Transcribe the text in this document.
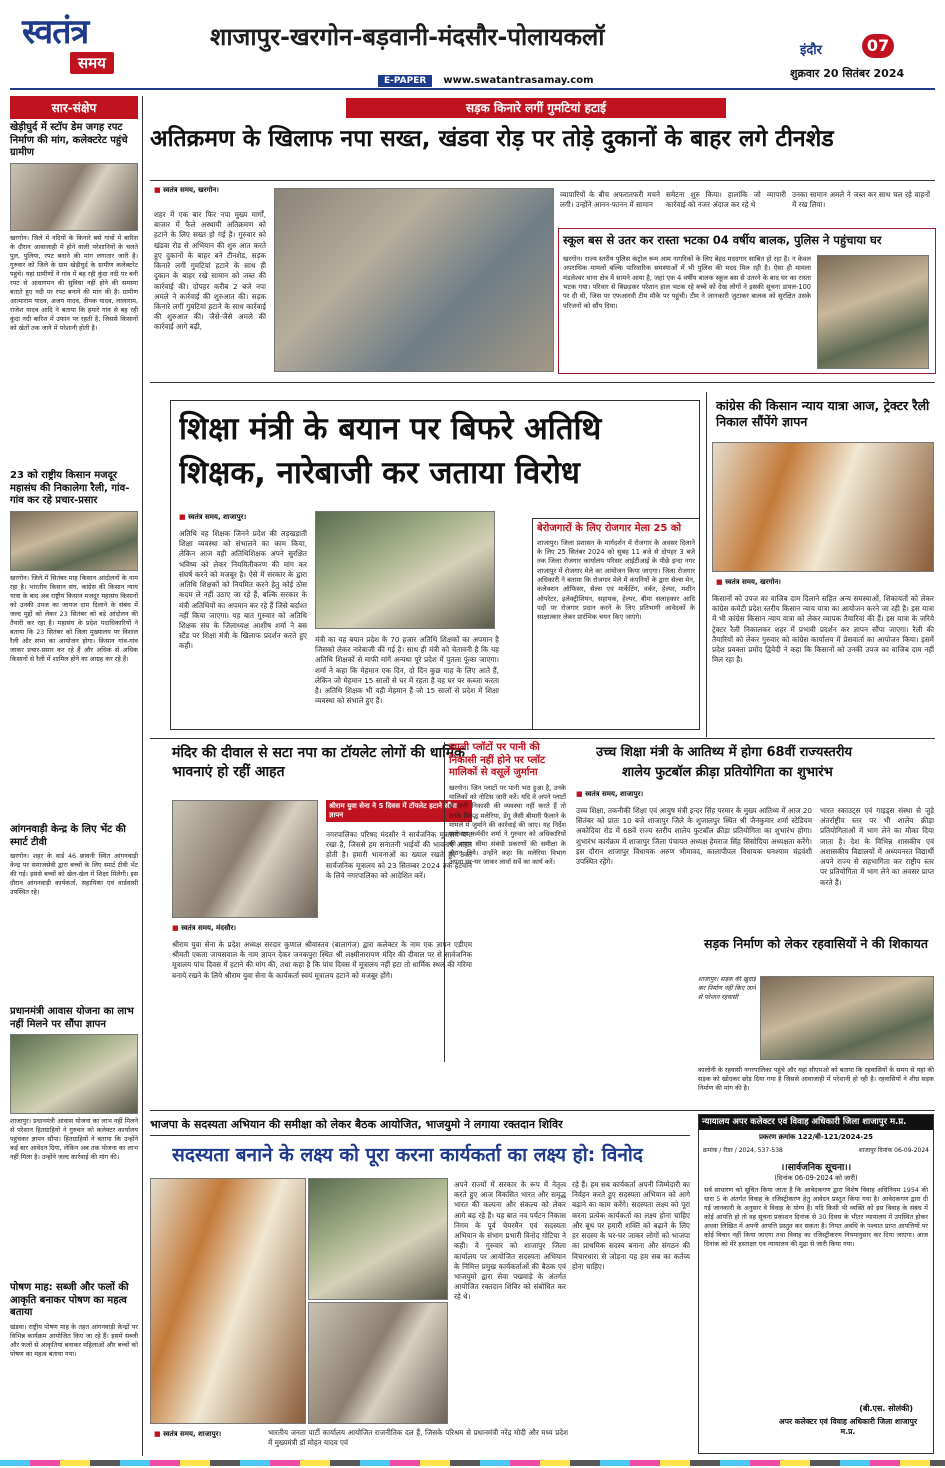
स्वतंत्र
समय
शाजापुर-खरगोन-बड़वानी-मंदसौर-पोलायकलॉ
E-PAPER www.swatantrasamay.com
इंदौर	07
शुक्रवार 20 सितंबर 2024
सार-संक्षेप
खेड़ीघुर्द में स्टॉप डेम जगह रपट निर्माण की मांग, कलेक्टरेट पहुंचे ग्रामीण
खरगोन। जिले में नदियों के किनारे बसे गांवों में बारिश के दौरान आवाजाही में होने वाली परेशानियों के चलते पुल, पुलिया, रपट बनाने की मांग लगातार जारी है। गुरुवार को जिले के ग्राम खेड़ीघुर्द के ग्रामीण कलेक्टरेट पहुंचे। यहां ग्रामीणों ने गांव में बह रही कुंदा नदी पर बनी रपट से आवागमन की सुविधा नहीं होने की समस्या बताते हुए नदी पर रपट बनाने की मांग की है। ग्रामीण आत्माराम यादव, अजय यादव, दीपक यादव, लालाराम, राजेश यादव आदि ने बताया कि हमारे गांव से बह रही कुंदा नदी बारिश में उफान पर रहती है, जिससे किसानों को खेतों तक जाने में परेशानी होती है।
23 को राष्ट्रीय किसान मजदूर महासंघ की निकालेगा रैली, गांव-गांव कर रहे प्रचार-प्रसार
खरगोन। जिले में सितंबर माह किसान आंदोलनों के नाम रहा है। भारतीय किसान संघ, कांग्रेस की किसान न्याय यात्रा के बाद अब राष्ट्रीय किसान मजदूर महासंघ किसानों को उनकी उपज का जायज दाम दिलाने के संबंध में जल्द मुद्दों को लेकर 23 सितंबर को बड़े आंदोलन की तैयारी कर रहा है। महासंघ के प्रदेश पदाधिकारियों ने बताया कि 23 सितंबर को जिला मुख्यालय पर विशाल रैली और सभा का आयोजन होगा। किसान गांव-गांव जाकर प्रचार-प्रसार कर रहे हैं और अधिक से अधिक किसानों से रैली में शामिल होने का आग्रह कर रहे हैं।
आंगनवाड़ी केन्द्र के लिए भेंट की स्मार्ट टीवी
खरगोन। शहर के वार्ड 46 छावनी स्थित आंगनवाड़ी केन्द्र पर समाजसेवी द्वारा बच्चों के लिए स्मार्ट टीवी भेंट की गई। इससे बच्चों को खेल-खेल में शिक्षा मिलेगी। इस दौरान आंगनवाड़ी कार्यकर्ता, सहायिका एवं वार्डवासी उपस्थित रहे।
प्रधानमंत्री आवास योजना का लाभ नहीं मिलने पर सौंपा ज्ञापन
शाजापुर। प्रधानमंत्री आवास योजना का लाभ नहीं मिलने से परेशान हितग्राहियों ने गुरुवार को कलेक्टर कार्यालय पहुंचकर ज्ञापन सौंपा। हितग्राहियों ने बताया कि उन्होंने कई बार आवेदन दिया, लेकिन अब तक योजना का लाभ नहीं मिला है। उन्होंने जल्द कार्रवाई की मांग की।
पोषण माह: सब्जी और फलों की आकृति बनाकर पोषण का महत्व बताया
खंडवा। राष्ट्रीय पोषण माह के तहत आंगनवाड़ी केन्द्रों पर विभिन्न कार्यक्रम आयोजित किए जा रहे हैं। इसमें सब्जी और फलों से आकृतियां बनाकर महिलाओं और बच्चों को पोषण का महत्व बताया गया।
सड़क किनारे लगीं गुमटियां हटाई
अतिक्रमण के खिलाफ नपा सख्त, खंडवा रोड़ पर तोड़े दुकानों के बाहर लगे टीनशेड
■ स्वतंत्र समय, खरगोन।
शहर में एक बार फिर नपा मुख्य मार्गों, बाजार में फैले अस्थायी अतिक्रमण को हटाने के लिए सख्त हो गई है। गुरुवार को खंडवा रोड से अभियान की शुरु आत करते हुए दुकानों के बाहर बने टीनशेड, सड़क किनारे लगीं गुमटियां हटाने के साथ ही दुकान के बाहर रखे सामान को जब्त की कार्रवाई की। दोपहर करीब 2 बजे नपा अमले ने कार्रवाई की शुरुआत की। सड़क किनारे लगीं गुमटियां हटाने के साथ कार्रवाई की शुरुआत की। जैसे-जैसे अमले की कार्रवाई आगे बढ़ी,
व्यापारियों के बीच अफरातफरी मचने लगी। उन्होंने आनन-फानन में सामान
समेटना शुरु किया। हालांकि जो व्यापारी कार्रवाई को नजर अंदाज कर रहे थे
उनका सामान अमले ने जब्त कर साथ चल रहे वाहनों में रख लिया।
स्कूल बस से उतर कर रास्ता भटका 04 वर्षीय बालक, पुलिस ने पहुंचाया घर
खरगोन। राज्य स्तरीय पुलिस कंट्रोल रूम आम नागरिकों के लिए बेहद मददगार साबित हो रहा है। न केवल अपराधिक मामलों बल्कि पारिवारिक समस्याओं में भी पुलिस की मदद मिल रही है। ऐसा ही मामला मंडलेश्वर थाना क्षेत्र में सामने आया है, जहां एक 4 वर्षीय बालक स्कूल बस से उतरने के बाद घर का रास्ता भटक गया। परिवार से बिछड़कर परेशान हाल भटक रहे बच्चे को देख लोगों ने इसकी सूचना डायल-100 पर दी थी, जिस पर एफआरवी टीम मौके पर पहुंची। टीम ने जानकारी जुटाकर बालक को सुरक्षित उसके परिजनों को सौंप दिया।
शिक्षा मंत्री के बयान पर बिफरे अतिथि
शिक्षक, नारेबाजी कर जताया विरोध
■ स्वतंत्र समय, शाजापुर।
अतिथि वह शिक्षक जिनने प्रदेश की लड़खड़ाती शिक्षा व्यवस्था को संभालने का काम किया, लेकिन आज वही अतिथिशिक्षक अपने सुरक्षित भविष्य को लेकर नियमितीकरण की मांग कर संघर्ष करने को मजबूर है। ऐसे में सरकार के द्वारा अतिथि शिक्षकों को नियमित करने हेतु कोई ठोस कदम ले नहीं उठाए जा रहे हैं, बल्कि सरकार के मंत्री अतिथियों का अपमान कर रहे हैं जिसे बर्दाश्त नहीं किया जाएगा। यह बात गुरुवार को अतिथि शिक्षक संघ के जिलाध्यक्ष आशीष शर्मा ने बस स्टैंड पर शिक्षा मंत्री के खिलाफ प्रदर्शन करते हुए कही।
मंत्री का यह बयान प्रदेश के 70 हजार अतिथि शिक्षकों का अपमान है जिसको लेकर नारेबाजी की गई है। साथ ही मंत्री को चेतावनी है कि यह अतिथि शिक्षकों से माफी मांगें अन्यथा पूरे प्रदेश में पुतला फूंका जाएगा। शर्मा ने कहा कि मेहमान एक दिन, दो दिन कुछ माह के लिए आते हैं, लेकिन जो मेहमान 15 सालों से घर में रहता है वह घर पर कब्जा करता है। अतिथि शिक्षक भी वही मेहमान हैं जो 15 सालों से प्रदेश में शिक्षा व्यवस्था को संभाले हुए हैं।
बेरोजगारों के लिए रोजगार मेला 25 को
शाजापुर। जिला प्रशासन के मार्गदर्शन में रोजगार के अवसर दिलाने के लिए 25 सितंबर 2024 को सुबह 11 बजे से दोपहर 3 बजे तक जिला रोजगार कार्यालय परिसर आईटीआई के पीछे इन्दा नगर शाजापुर में रोजगार मेले का आयोजन किया जाएगा। जिला रोजगार अधिकारी ने बताया कि रोजगार मेले में कंपनियों के द्वारा सेल्स मेन, कलेक्शन ऑफिसर, सेल्स एवं मार्केटिंग, वर्कर, हेल्पर, मशीन ऑपरेटर, इलेक्ट्रीशियन, सहायक, हेल्पर, बीमा सलाहकार आदि पदों पर रोजगार प्रदान करने के लिए प्रतिभागी आवेदकों के साक्षात्कार लेकर प्रारंभिक चयन किए जाएंगे।
कांग्रेस की किसान न्याय यात्रा आज, ट्रेक्टर रैली निकाल सौंपेंगे ज्ञापन
■ स्वतंत्र समय, खरगोन।
किसानों को उपज का वाजिब दाम दिलाने सहित अन्य समस्याओं, शिकायतों को लेकर कांग्रेस कमेटी प्रदेश स्तरीय किसान न्याय यात्रा का आयोजन करने जा रही है। इस यात्रा में भी कांग्रेस किसान न्याय यात्रा को लेकर व्यापक तैयारियां की हैं। इस यात्रा के जरिये ट्रेक्टर रैली निकालकर शहर में प्रभावी प्रदर्शन कर ज्ञापन सौंपा जाएगा। रैली की तैयारियों को लेकर गुरुवार को कांग्रेस कार्यालय में प्रेसवार्ता का आयोजन किया। इसमें प्रदेश प्रवक्ता प्रमोद द्विवेदी ने कहा कि किसानों को उनकी उपज का वाजिब दाम नहीं मिल रहा है।
मंदिर की दीवाल से सटा नपा का टॉयलेट लोगों की धार्मिक भावनाएं हो रहीं आहत
श्रीराम युवा सेना ने 5 दिवस में टॉयलेट हटाने सौंपा ज्ञापन
नगरपालिका परिषद मंदसौर ने सार्वजनिक मूत्रालय बना रखा है, जिससे हम सनातनी भाईयों की भावनाएं आहत होती है। हमारी भावनाओं का ख्याल रखते हुए उक्त सार्वजनिक मूत्रालय को 23 सितम्बर 2024 तक हटवाने के लिये नगरपालिका को आदेशित करें।
■ स्वतंत्र समय, मंदसौर।
श्रीराम युवा सेना के प्रदेश अध्यक्ष सरदार कुणाल श्रीवास्तव (बालागंज) द्वारा कलेक्टर के नाम एक ज्ञापन एडीएम श्रीमती एकता जायसवाल के नाम ज्ञापन देकर जनकपुरा स्थित श्री लक्ष्मीनारायण मंदिर की दीवाल पर से सार्वजनिक मूत्रालय पांच दिवस में हटाने की मांग की, तथा कहा है कि पांच दिवस में मूत्रालय नहीं हटा तो धार्मिक स्थल की गरिमा बनाये रखने के लिये श्रीराम युवा सेना के कार्यकर्ता स्वयं मूत्रालय हटाने को मजबूर होंगे।
खाली प्लॉटों पर पानी की निकासी नहीं होने पर प्लॉट मालिकों से वसूलें जुर्माना
खरगोन। जिन प्लाटों पर पानी भरा हुआ है, उनके मालिकों को नोटिस जारी करें। यदि वे अपने प्लाटों से पानी निकासी की व्यवस्था नहीं करते हैं तो उनके विरुद्ध मलेरिया, डेंगू जैसी बीमारी फैलाने के मामले में जुर्माने की कार्रवाई की जाए। यह निर्देश कलेक्टर कर्मवीर शर्मा ने गुरुवार को अधिकारियों की समय सीमा संबंधी प्रकरणों की समीक्षा के दौरान दिये। उन्होंने कहा कि मलेरिया विभाग अपना घर-घर जाकर लार्वा सर्वे का कार्य करें।
उच्च शिक्षा मंत्री के आतिथ्य में होगा 68वीं राज्यस्तरीय
शालेय फुटबॉल क्रीड़ा प्रतियोगिता का शुभारंभ
■ स्वतंत्र समय, शाजापुर।
उच्च शिक्षा, तकनीकी शिक्षा एवं आयुष मंत्री इन्दर सिंह परमार के मुख्य आतिथ्य में आज 20 सितंबर को प्रातः 10 बजे शाजापुर जिले के शुजालपुर स्थित श्री जैनकुमार शर्मा स्टेडियम अकोदिया रोड में 68वें राज्य स्तरीय शालेय फुटबॉल क्रीड़ा प्रतियोगिता का शुभारंभ होगा। शुभारंभ कार्यक्रम में शाजापुर जिला पंचायत अध्यक्ष हेमराज सिंह सिसोदिया अध्यक्षता करेंगे। इस दौरान शाजापुर विधायक अरुण भीमावद, कालापीपल विधायक घनश्याम चंद्रवंशी उपस्थित रहेंगे।
भारत स्काउट्स एवं गाइड्स संस्था से जुड़े अंतर्राष्ट्रीय स्तर पर भी शालेय क्रीड़ा प्रतियोगिताओं में भाग लेने का मौका दिया जाता है। देश के विभिन्न शासकीय एवं अशासकीय विद्यालयों में अध्ययनरत विद्यार्थी अपने राज्य से सहभागिता कर राष्ट्रीय स्तर पर प्रतियोगिता में भाग लेने का अवसर प्राप्त करते हैं।
सड़क निर्माण को लेकर रहवासियों ने की शिकायत
शाजापुर। सड़क की खुदाई कर निर्माण नहीं किए जाने से परेशान रहवासी
कालोनी के रहवासी नगरपालिका पहुंचे और यहां सीएमओ को बताया कि रहवासियों के समय से यहां की सड़क को खोदकर छोड़ दिया गया है जिससे आवाजाही में परेशानी हो रही है। रहवासियों ने शीघ्र सड़क निर्माण की मांग की है।
भाजपा के सदस्यता अभियान की समीक्षा को लेकर बैठक आयोजित, भाजयुमो ने लगाया रक्तदान शिविर
सदस्यता बनाने के लक्ष्य को पूरा करना कार्यकर्ता का लक्ष्य हो: विनोद
■ स्वतंत्र समय, शाजापुर।	भारतीय जनता पार्टी कार्यालय आयोजित राजनीतिक दल हैं, जिसके परिश्रम से प्रधानमंत्री नरेंद्र मोदी और मध्य प्रदेश में मुख्यमंत्री डॉ मोहन यादव एवं
अपने राज्यों में सरकार के रूप में नेतृत्व करते हुए आज विकसित भारत और समृद्ध भारत की कल्पना और संकल्प को लेकर आगे बढ़ रहे हैं। यह बात नव पर्यटन निकास निगम के पूर्व चेयरमैन एवं सदस्यता अभियान के संभाग प्रभारी विनोद गोटिया ने कही। वे गुरुवार को शाजापुर जिला कार्यालय पर आयोजित सदस्यता अभियान के निमित्त प्रमुख कार्यकर्ताओं की बैठक एवं भाजयुमो द्वारा सेवा पखवाड़े के अंतर्गत आयोजित रक्तदान शिविर को संबोधित कर रहे थे।
रहे हैं। हम सब कार्यकर्ता अपनी जिम्मेदारी का निर्वहन करते हुए सदस्यता अभियान को आगे बढ़ाने का काम करेंगे। सदस्यता लक्ष्य को पूरा करना प्रत्येक कार्यकर्ता का लक्ष्य होना चाहिए और बूथ पर हमारी शक्ति को बढ़ाने के लिए हर सदस्य के घर-घर जाकर लोगों को भाजपा का प्राथमिक सदस्य बनाना और संगठन की विचारधारा से जोड़ना यह हम सब का कर्तव्य होना चाहिए।
न्यायालय अपर कलेक्टर एवं विवाह अधिकारी जिला शाजापुर म.प्र.
प्रकरण क्रमांक 122/बी-121/2024-25
क्रमांक / रीडर / 2024, 537-538	शाजापुर दिनांक 06-09-2024
।।सार्वजनिक सूचना।।
(दिनांक 06-09-2024 को जारी)
सर्व साधारण को सूचित किया जाता है कि आवेदकगण द्वारा विशेष विवाह अधिनियम 1954 की धारा 5 के अंतर्गत विवाह के रजिस्ट्रीकरण हेतु आवेदन प्रस्तुत किया गया है। आवेदकगण द्वारा दी गई जानकारी के अनुसार वे विवाह के योग्य हैं। यदि किसी भी व्यक्ति को इस विवाह के संबंध में कोई आपत्ति हो तो वह सूचना प्रकाशन दिनांक से 30 दिवस के भीतर न्यायालय में उपस्थित होकर अथवा लिखित में अपनी आपत्ति प्रस्तुत कर सकता है। नियत अवधि के पश्चात प्राप्त आपत्तियों पर कोई विचार नहीं किया जाएगा तथा विवाह का रजिस्ट्रीकरण नियमानुसार कर दिया जाएगा। आज दिनांक को मेरे हस्ताक्षर एवं न्यायालय की मुद्रा से जारी किया गया।
(बी.एस. सोलंकी)
अपर कलेक्टर एवं विवाह अधिकारी जिला शाजापुर म.प्र.
